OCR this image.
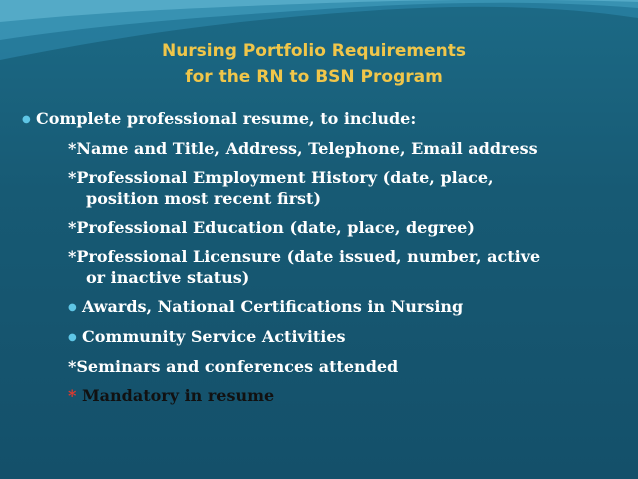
Nursing Portfolio Requirements
for the RN to BSN Program
● Complete professional resume, to include:
*Name and Title, Address, Telephone, Email address
*Professional Employment History (date, place,
position most recent first)
*Professional Education (date, place, degree)
*Professional Licensure (date issued, number, active
or inactive status)
● Awards, National Certifications in Nursing
● Community Service Activities
*Seminars and conferences attended
* Mandatory in resume
